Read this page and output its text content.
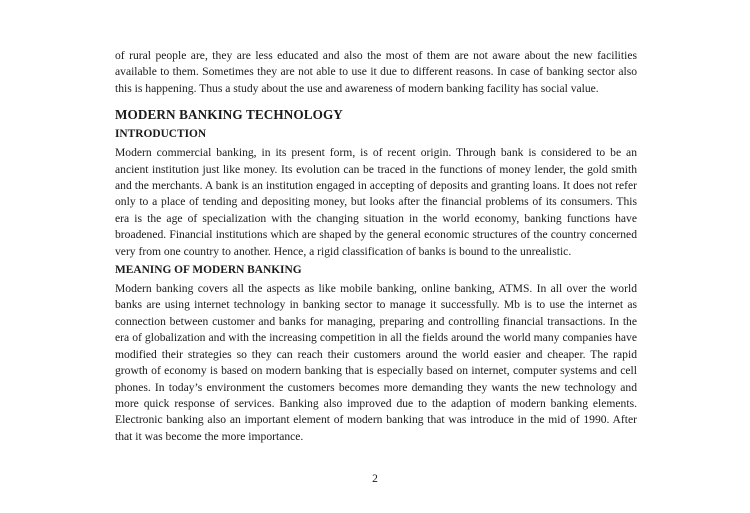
of rural people are, they are less educated and also the most of them are not aware about the new facilities available to them. Sometimes they are not able to use it due to different reasons. In case of banking sector also this is happening. Thus a study about the use and awareness of modern banking facility has social value.

MODERN BANKING TECHNOLOGY
INTRODUCTION

Modern commercial banking, in its present form, is of recent origin. Through bank is considered to be an ancient institution just like money. Its evolution can be traced in the functions of money lender, the gold smith and the merchants. A bank is an institution engaged in accepting of deposits and granting loans. It does not refer only to a place of tending and depositing money, but looks after the financial problems of its consumers. This era is the age of specialization with the changing situation in the world economy, banking functions have broadened. Financial institutions which are shaped by the general economic structures of the country concerned very from one country to another. Hence, a rigid classification of banks is bound to the unrealistic.

MEANING OF MODERN BANKING

Modern banking covers all the aspects as like mobile banking, online banking, ATMS. In all over the world banks are using internet technology in banking sector to manage it successfully. Mb is to use the internet as connection between customer and banks for managing, preparing and controlling financial transactions. In the era of globalization and with the increasing competition in all the fields around the world many companies have modified their strategies so they can reach their customers around the world easier and cheaper. The rapid growth of economy is based on modern banking that is especially based on internet, computer systems and cell phones. In today’s environment the customers becomes more demanding they wants the new technology and more quick response of services. Banking also improved due to the adaption of modern banking elements. Electronic banking also an important element of modern banking that was introduce in the mid of 1990. After that it was become the more importance.

2
